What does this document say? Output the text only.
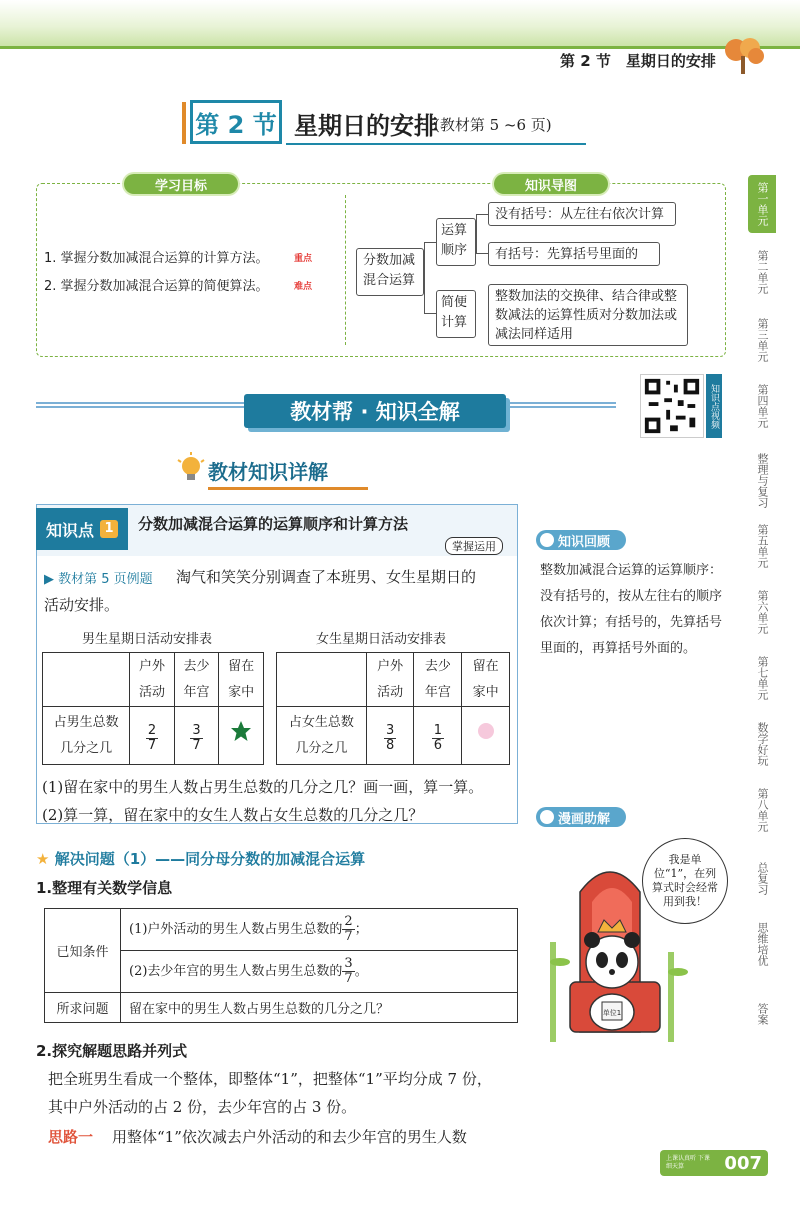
第 2 节　星期日的安排
第 2 节 星期日的安排
(教材第 5 ~6 页)
学习目标	知识导图
1. 掌握分数加减混合运算的计算方法。
2. 掌握分数加减混合运算的简便算法。
重点
难点
分数加减混合运算
运算顺序
简便计算
没有括号：从左往右依次计算
有括号：先算括号里面的
整数加法的交换律、结合律或整数减法的运算性质对分数加法或减法同样适用
教材帮 · 知识全解	知识点视频
教材知识详解
知识点 1 分数加减混合运算的运算顺序和计算方法
掌握运用
▶ 教材第 5 页例题 淘气和笑笑分别调查了本班男、女生星期日的
活动安排。
男生星期日活动安排表	女生星期日活动安排表
	户外活动	去少年宫	留在家中
占男生总数几分之几	$\frac{2}{7}$	$\frac{3}{7}$

	户外活动	去少年宫	留在家中
占女生总数几分之几	$\frac{3}{8}$	$\frac{1}{6}$

(1)留在家中的男生人数占男生总数的几分之几？画一画，算一算。
(2)算一算，留在家中的女生人数占女生总数的几分之几？
知识回顾
整数加减混合运算的运算顺序：没有括号的，按从左往右的顺序依次计算；有括号的，先算括号里面的，再算括号外面的。
漫画助解
单位1
我是单位“1”，在列算式时会经常用到我！
第一单元
第二单元
第三单元
第四单元
整理与复习
第五单元
第六单元
第七单元
数学好玩
第八单元
总复习
思维培优
答案
★ 解决问题（1）——同分母分数的加减混合运算
1.整理有关数学信息
已知条件	(1)户外活动的男生人数占男生总数的 $\frac{2}{7}$ ；
	(2)去少年宫的男生人数占男生总数的 $\frac{3}{7}$ 。
所求问题	留在家中的男生人数占男生总数的几分之几？
2.探究解题思路并列式
把全班男生看成一个整体，即整体“1”，把整体“1”平均分成 7 份，
其中户外活动的占 2 份，去少年宫的占 3 份。
思路一 用整体“1”依次减去户外活动的和去少年宫的男生人数
上课认真听 下课细天算	007
